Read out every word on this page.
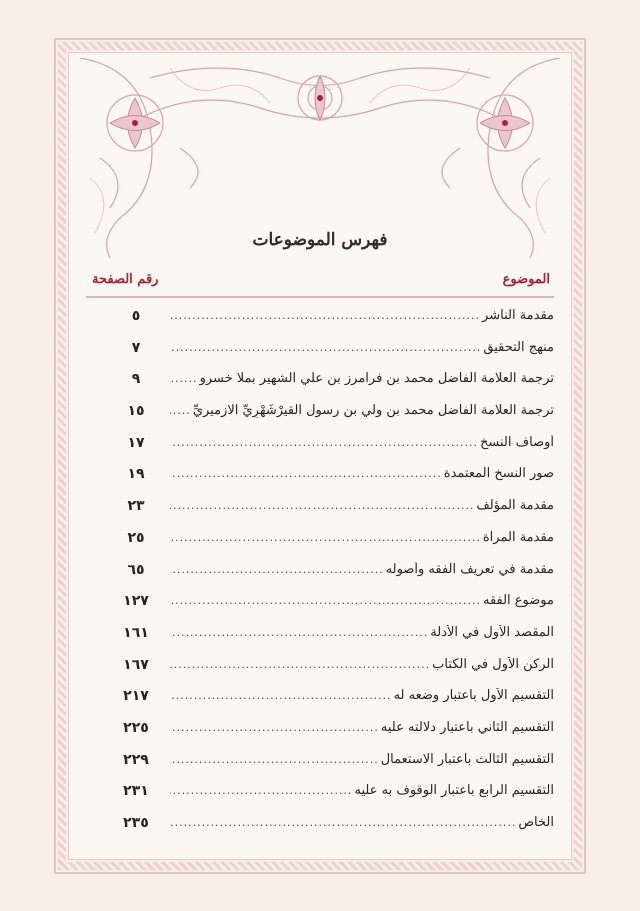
فهرس الموضوعات
الموضوع
رقم الصفحة
مقدمة الناشر
.....
٥
منهج التحقيق
.....
٧
ترجمة العلامة الفاضل محمد بن فرامرز بن علي الشهير بملا خسرو
.....
٩
ترجمة العلامة الفاضل محمد بن ولي بن رسول القيرْشَهْرِيِّ الازميريِّ
.....
١٥
أوصاف النسخ
.....
١٧
صور النسخ المعتمدة
.....
١٩
مقدمة المؤلف
.....
٢٣
مقدمة المرآة
.....
٢٥
مقدمة في تعريف الفقه وأصوله
.....
٦٥
موضوع الفقه
.....
١٢٧
المقصد الأول في الأدلة
.....
١٦١
الركن الأول في الكتاب
.....
١٦٧
التقسيم الأول باعتبار وضعه له
.....
٢١٧
التقسيم الثاني باعتبار دلالته عليه
.....
٢٢٥
التقسيم الثالث باعتبار الاستعمال
.....
٢٢٩
التقسيم الرابع باعتبار الوقوف به عليه
.....
٢٣١
الخاص
.....
٢٣٥
